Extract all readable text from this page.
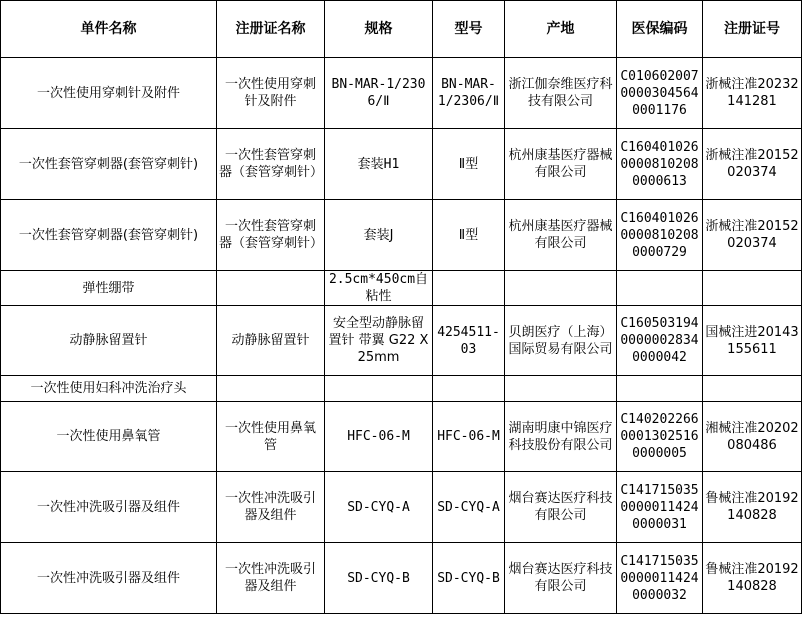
单件名称	注册证名称	规格	型号	产地	医保编码	注册证号
一次性使用穿刺针及附件	一次性使用穿刺针及附件	BN-MAR-1/2306/Ⅱ	BN-MAR-1/2306/Ⅱ	浙江伽奈维医疗科技有限公司	C01060200700003045640001176	浙械注准20232141281
一次性套管穿刺器(套管穿刺针)	一次性套管穿刺器（套管穿刺针）	套装H1	Ⅱ型	杭州康基医疗器械有限公司	C16040102600008102080000613	浙械注准20152020374
一次性套管穿刺器(套管穿刺针)	一次性套管穿刺器（套管穿刺针）	套装J	Ⅱ型	杭州康基医疗器械有限公司	C16040102600008102080000729	浙械注准20152020374
弹性绷带		2.5cm*450cm自粘性				
动静脉留置针	动静脉留置针	安全型动静脉留置针 带翼 G22 X 25mm	4254511-03	贝朗医疗（上海）国际贸易有限公司	C16050319400000028340000042	国械注进20143155611
一次性使用妇科冲洗治疗头						
一次性使用鼻氧管	一次性使用鼻氧管	HFC-06-M	HFC-06-M	湖南明康中锦医疗科技股份有限公司	C14020226600013025160000005	湘械注准20202080486
一次性冲洗吸引器及组件	一次性冲洗吸引器及组件	SD-CYQ-A	SD-CYQ-A	烟台赛达医疗科技有限公司	C14171503500000114240000031	鲁械注准20192140828
一次性冲洗吸引器及组件	一次性冲洗吸引器及组件	SD-CYQ-B	SD-CYQ-B	烟台赛达医疗科技有限公司	C14171503500000114240000032	鲁械注准20192140828
